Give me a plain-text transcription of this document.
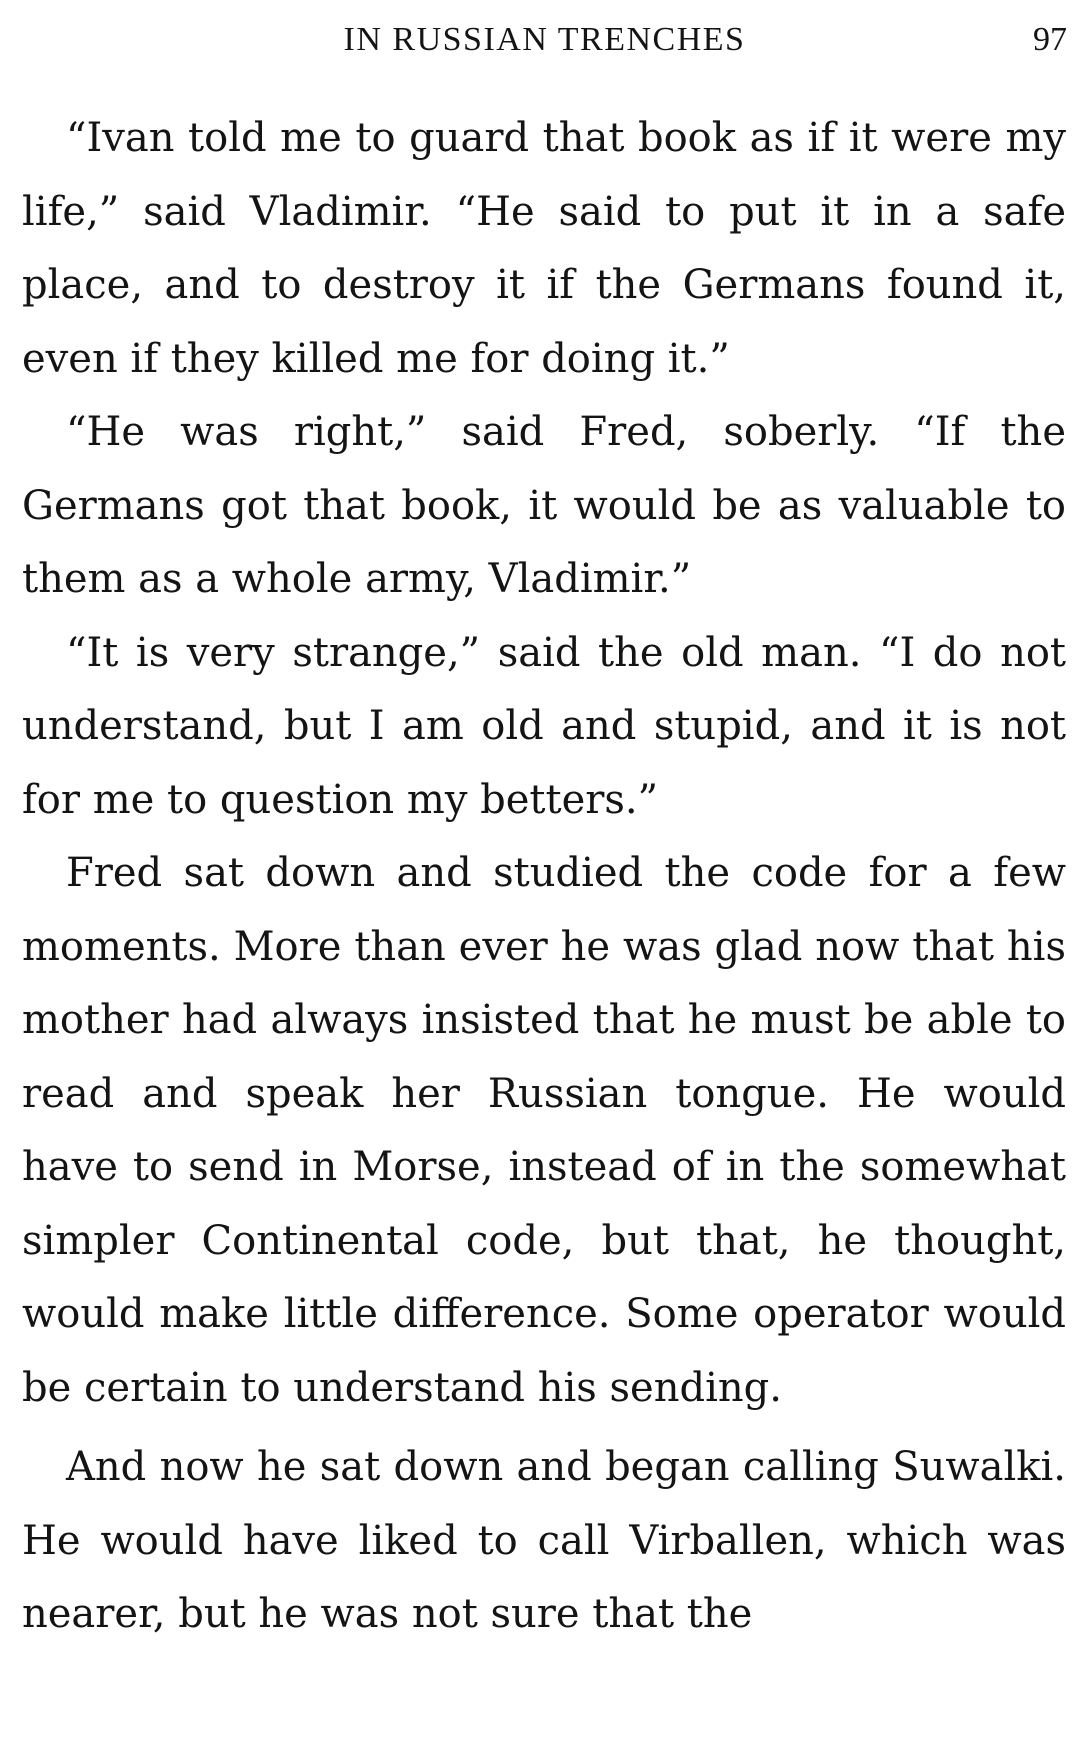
IN RUSSIAN TRENCHES	97

“Ivan told me to guard that book as if it were my life,” said Vladimir. “He said to put it in a safe place, and to destroy it if the Germans found it, even if they killed me for doing it.”

“He was right,” said Fred, soberly. “If the Germans got that book, it would be as valuable to them as a whole army, Vladimir.”

“It is very strange,” said the old man. “I do not understand, but I am old and stupid, and it is not for me to question my betters.”

Fred sat down and studied the code for a few moments. More than ever he was glad now that his mother had always insisted that he must be able to read and speak her Russian tongue. He would have to send in Morse, instead of in the somewhat simpler Continental code, but that, he thought, would make little difference. Some operator would be certain to understand his sending.

And now he sat down and began calling Suwalki. He would have liked to call Virballen, which was nearer, but he was not sure that the
